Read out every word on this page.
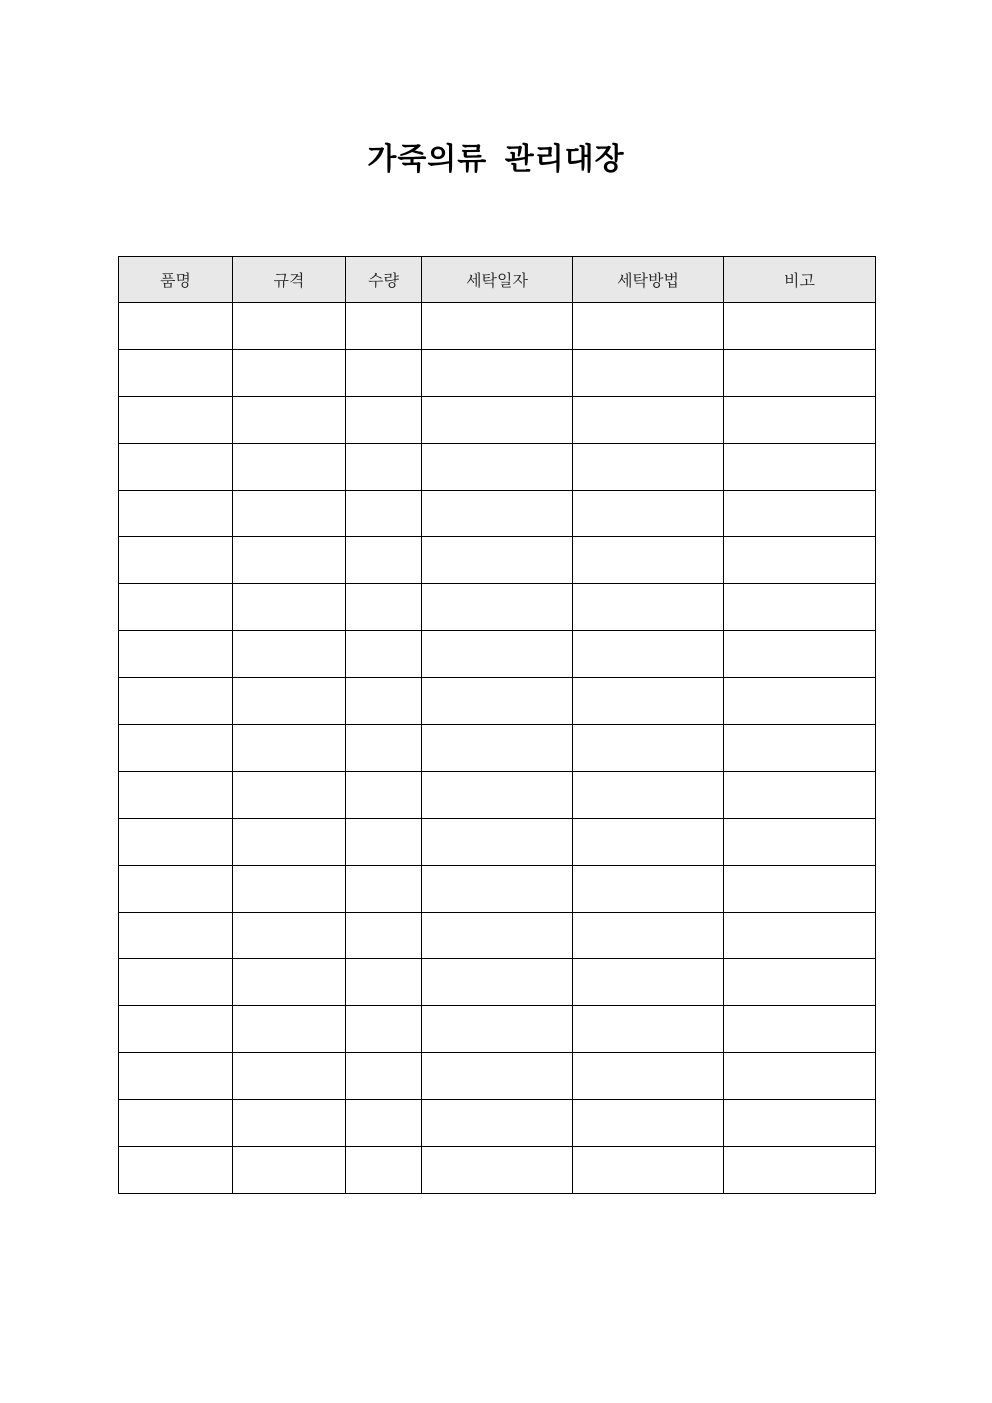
가죽의류 관리대장
품명	규격	수량	세탁일자	세탁방법	비고
